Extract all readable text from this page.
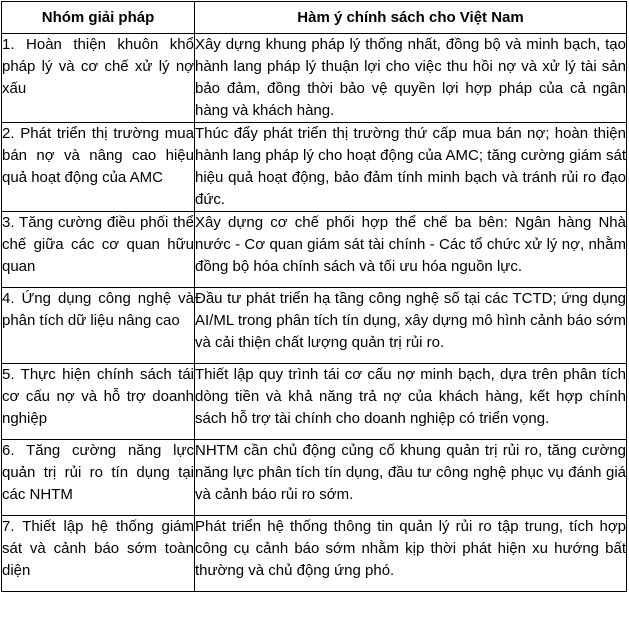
Nhóm giải pháp	Hàm ý chính sách cho Việt Nam
1. Hoàn thiện khuôn khổ pháp lý và cơ chế xử lý nợ xấu	Xây dựng khung pháp lý thống nhất, đồng bộ và minh bạch, tạo hành lang pháp lý thuận lợi cho việc thu hồi nợ và xử lý tài sản bảo đảm, đồng thời bảo vệ quyền lợi hợp pháp của cả ngân hàng và khách hàng.
2. Phát triển thị trường mua bán nợ và nâng cao hiệu quả hoạt động của AMC	Thúc đẩy phát triển thị trường thứ cấp mua bán nợ; hoàn thiện hành lang pháp lý cho hoạt động của AMC; tăng cường giám sát hiệu quả hoạt động, bảo đảm tính minh bạch và tránh rủi ro đạo đức.
3. Tăng cường điều phối thể chế giữa các cơ quan hữu quan	Xây dựng cơ chế phối hợp thể chế ba bên: Ngân hàng Nhà nước - Cơ quan giám sát tài chính - Các tổ chức xử lý nợ, nhằm đồng bộ hóa chính sách và tối ưu hóa nguồn lực.
4. Ứng dụng công nghệ và phân tích dữ liệu nâng cao	Đầu tư phát triển hạ tầng công nghệ số tại các TCTD; ứng dụng AI/ML trong phân tích tín dụng, xây dựng mô hình cảnh báo sớm và cải thiện chất lượng quản trị rủi ro.
5. Thực hiện chính sách tái cơ cấu nợ và hỗ trợ doanh nghiệp	Thiết lập quy trình tái cơ cấu nợ minh bạch, dựa trên phân tích dòng tiền và khả năng trả nợ của khách hàng, kết hợp chính sách hỗ trợ tài chính cho doanh nghiệp có triển vọng.
6. Tăng cường năng lực quản trị rủi ro tín dụng tại các NHTM	NHTM cần chủ động củng cố khung quản trị rủi ro, tăng cường năng lực phân tích tín dụng, đầu tư công nghệ phục vụ đánh giá và cảnh báo rủi ro sớm.
7. Thiết lập hệ thống giám sát và cảnh báo sớm toàn diện	Phát triển hệ thống thông tin quản lý rủi ro tập trung, tích hợp công cụ cảnh báo sớm nhằm kịp thời phát hiện xu hướng bất thường và chủ động ứng phó.
